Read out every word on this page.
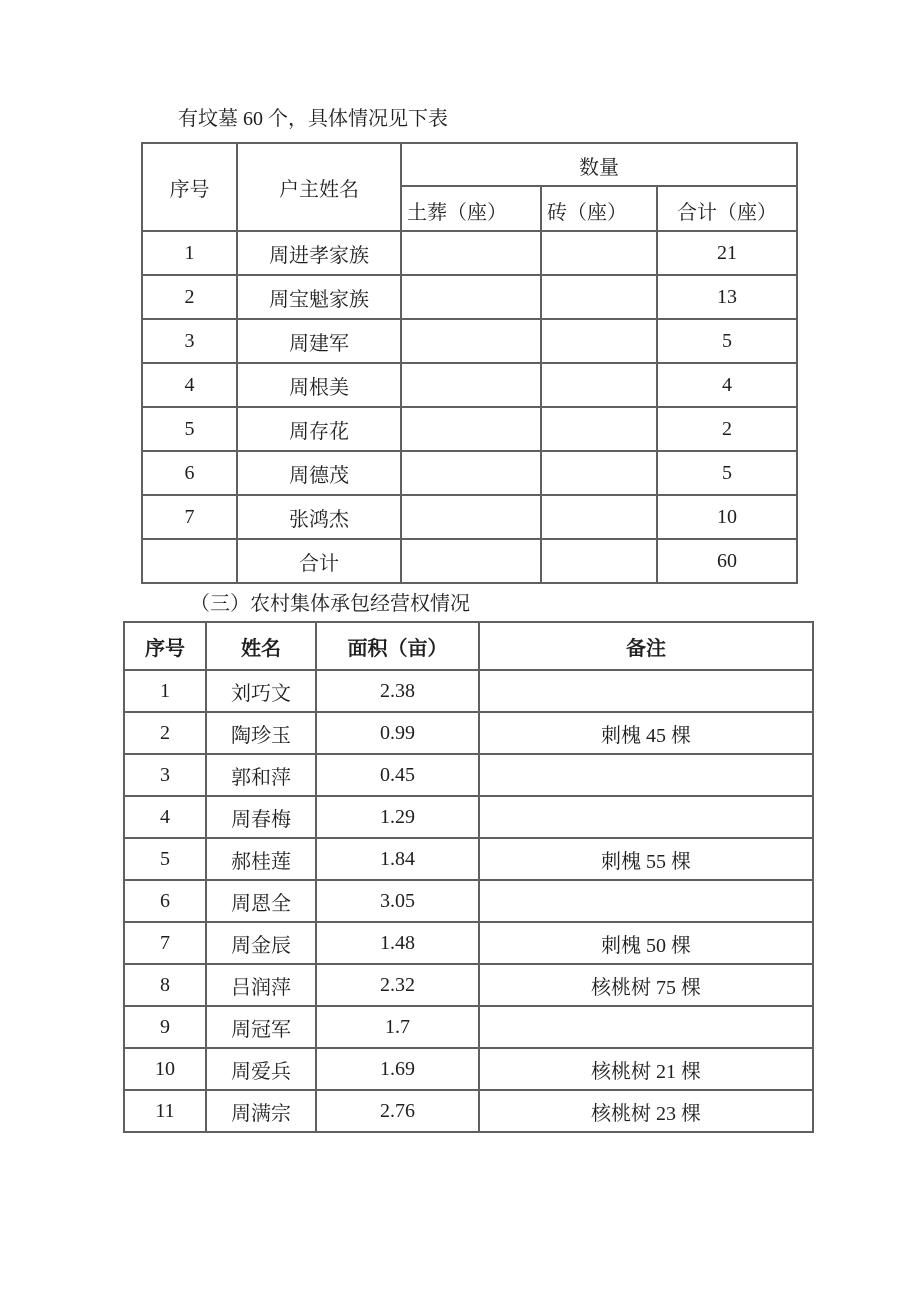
有坟墓 60 个，具体情况见下表

序号	户主姓名	数量		
		土葬（座）	砖（座）	合计（座）
1	周进孝家族			21
2	周宝魁家族			13
3	周建军			5
4	周根美			4
5	周存花			2
6	周德茂			5
7	张鸿杰			10
	合计			60

（三）农村集体承包经营权情况

序号	姓名	面积（亩）	备注
1	刘巧文	2.38	
2	陶珍玉	0.99	刺槐 45 棵
3	郭和萍	0.45	
4	周春梅	1.29	
5	郝桂莲	1.84	刺槐 55 棵
6	周恩全	3.05	
7	周金辰	1.48	刺槐 50 棵
8	吕润萍	2.32	核桃树 75 棵
9	周冠军	1.7	
10	周爱兵	1.69	核桃树 21 棵
11	周满宗	2.76	核桃树 23 棵
